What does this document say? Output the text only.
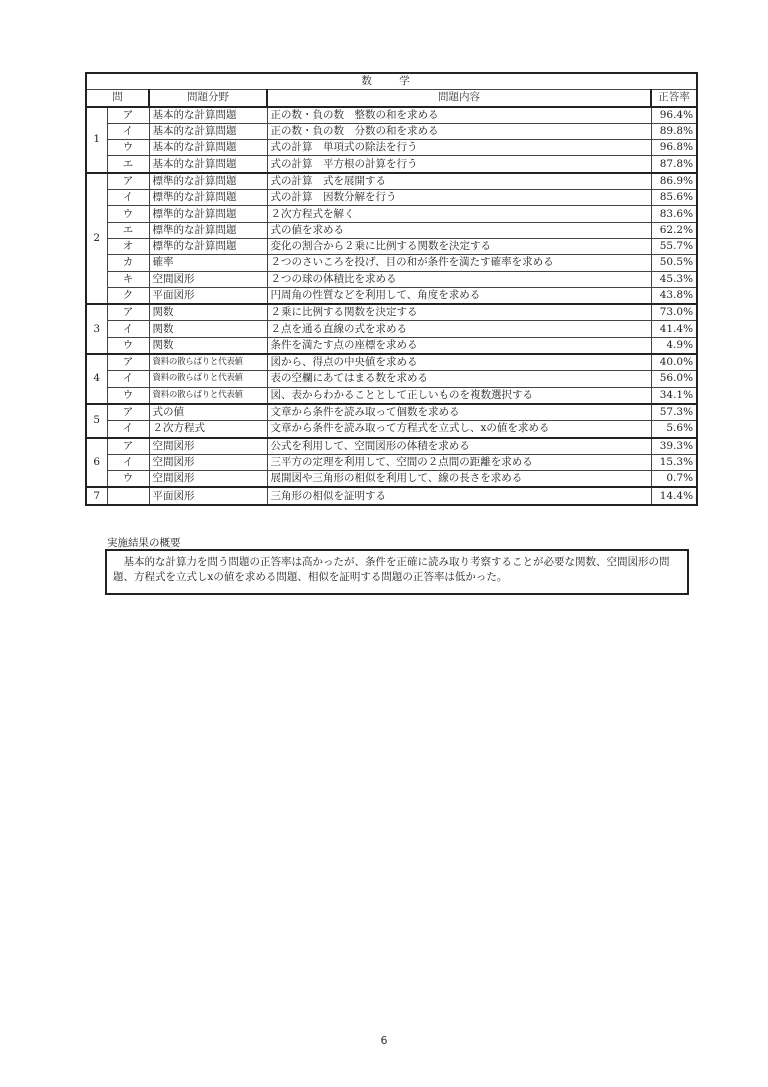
数 学				
問		問題分野	問題内容	正答率
1	ア	基本的な計算問題	正の数・負の数　整数の和を求める	96.4%
	イ	基本的な計算問題	正の数・負の数　分数の和を求める	89.8%
	ウ	基本的な計算問題	式の計算　単項式の除法を行う	96.8%
	エ	基本的な計算問題	式の計算　平方根の計算を行う	87.8%
2	ア	標準的な計算問題	式の計算　式を展開する	86.9%
	イ	標準的な計算問題	式の計算　因数分解を行う	85.6%
	ウ	標準的な計算問題	２次方程式を解く	83.6%
	エ	標準的な計算問題	式の値を求める	62.2%
	オ	標準的な計算問題	変化の割合から２乗に比例する関数を決定する	55.7%
	カ	確率	２つのさいころを投げ、目の和が条件を満たす確率を求める	50.5%
	キ	空間図形	２つの球の体積比を求める	45.3%
	ク	平面図形	円周角の性質などを利用して、角度を求める	43.8%
3	ア	関数	２乗に比例する関数を決定する	73.0%
	イ	関数	２点を通る直線の式を求める	41.4%
	ウ	関数	条件を満たす点の座標を求める	4.9%
4	ア	資料の散らばりと代表値	図から、得点の中央値を求める	40.0%
	イ	資料の散らばりと代表値	表の空欄にあてはまる数を求める	56.0%
	ウ	資料の散らばりと代表値	図、表からわかることとして正しいものを複数選択する	34.1%
5	ア	式の値	文章から条件を読み取って個数を求める	57.3%
	イ	２次方程式	文章から条件を読み取って方程式を立式し、xの値を求める	5.6%
6	ア	空間図形	公式を利用して、空間図形の体積を求める	39.3%
	イ	空間図形	三平方の定理を利用して、空間の２点間の距離を求める	15.3%
	ウ	空間図形	展開図や三角形の相似を利用して、線の長さを求める	0.7%
7		平面図形	三角形の相似を証明する	14.4%
実施結果の概要

基本的な計算力を問う問題の正答率は高かったが、条件を正確に読み取り考察することが必要な関数、空間図形の問題、方程式を立式しxの値を求める問題、相似を証明する問題の正答率は低かった。

6
